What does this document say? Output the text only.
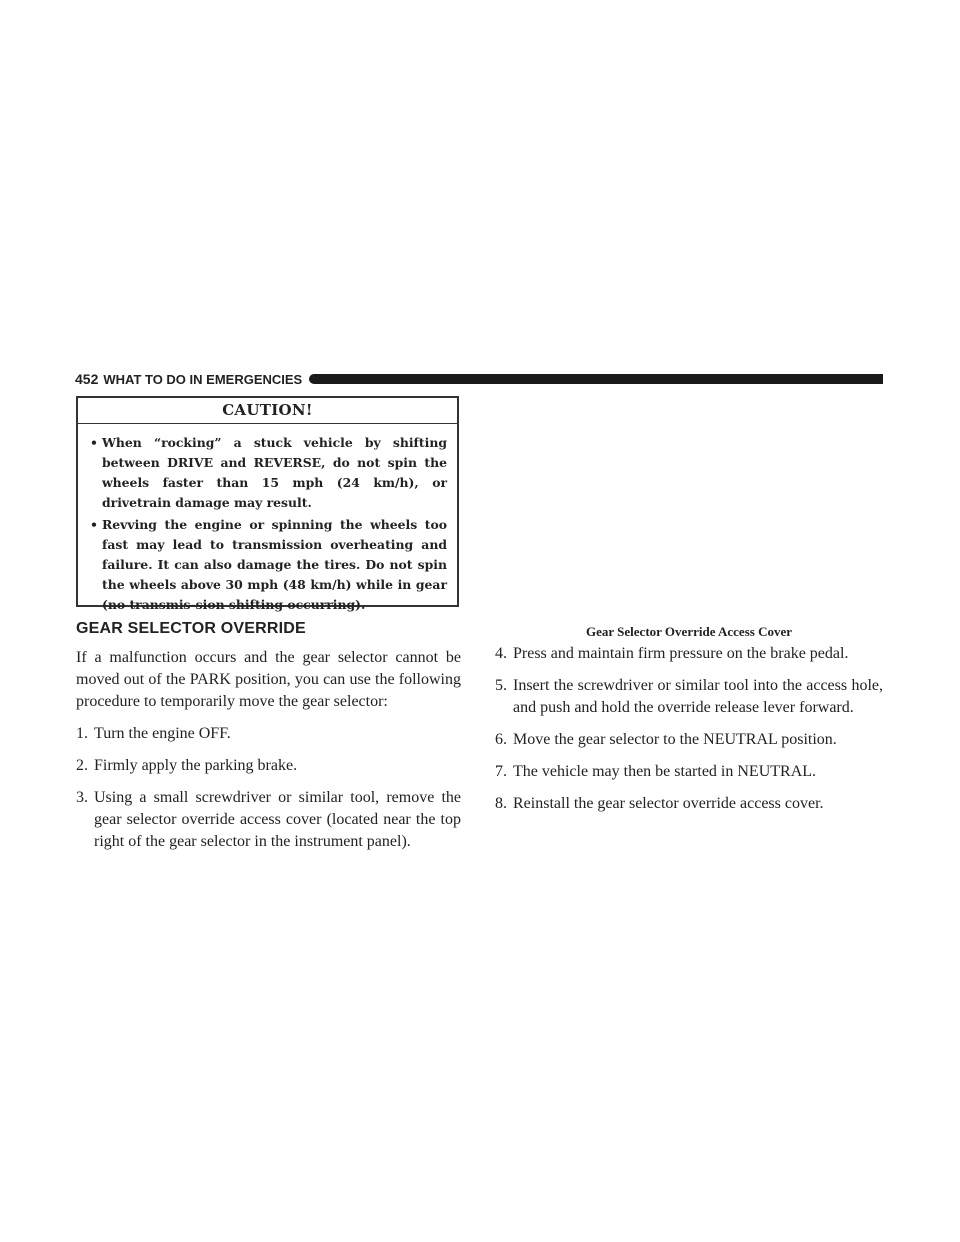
452 WHAT TO DO IN EMERGENCIES
CAUTION!
• When “rocking” a stuck vehicle by shifting between DRIVE and REVERSE, do not spin the wheels faster than 15 mph (24 km/h), or drivetrain damage may result.
• Revving the engine or spinning the wheels too fast may lead to transmission overheating and failure. It can also damage the tires. Do not spin the wheels above 30 mph (48 km/h) while in gear (no transmis-sion shifting occurring).
GEAR SELECTOR OVERRIDE

If a malfunction occurs and the gear selector cannot be moved out of the PARK position, you can use the following procedure to temporarily move the gear selector:

1. Turn the engine OFF.
2. Firmly apply the parking brake.
3. Using a small screwdriver or similar tool, remove the gear selector override access cover (located near the top right of the gear selector in the instrument panel).
Gear Selector Override Access Cover
4. Press and maintain firm pressure on the brake pedal.
5. Insert the screwdriver or similar tool into the access hole, and push and hold the override release lever forward.
6. Move the gear selector to the NEUTRAL position.
7. The vehicle may then be started in NEUTRAL.
8. Reinstall the gear selector override access cover.
